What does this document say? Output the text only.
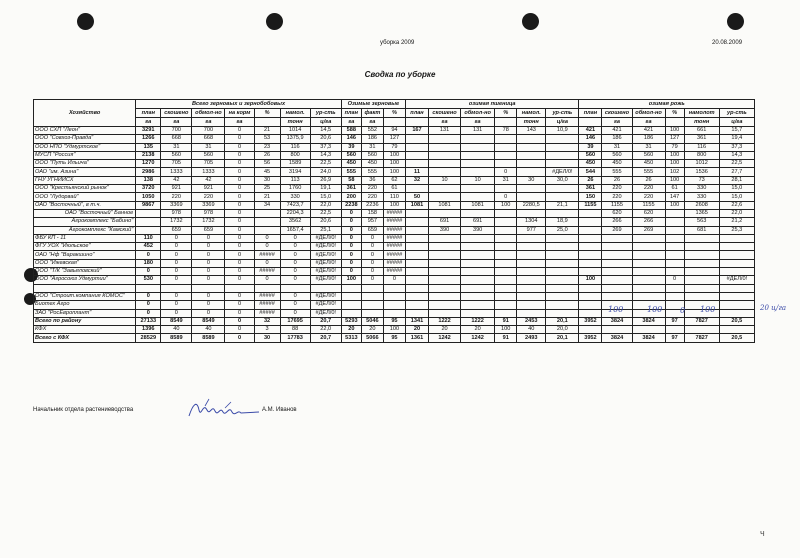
уборка 2009	20.08.2009
Сводка по уборке
Хозяйство	Всего зерновых и зернобобовых							Озимые зерновые			озимая пшеница						озимая рожь					
	план	скошено	обмол-но	на корм	%	намол.	ур-сть	план	факт	%	план	скошено	обмол-но	%	намол.	ур-сть	план	скошено	обмол-но	%	намолот	ур-сть
	га	га	га	га		тонн	ц/га	га	га			га	га		тонн	ц/га		га	га		тонн	ц/га
ООО СХП "Леон"	3291	700	700	0	21	1014	14,5	588	552	94	167	131	131	78	143	10,9	421	421	421	100	661	15,7
ООО "Совхоз-Правда"	1266	668	668	0	53	1375,9	20,6	146	186	127							146	186	186	127	361	19,4
ООО НПО "Удмуртское"	135	31	31	0	23	116	37,3	39	31	79							39	31	31	79	116	37,3
МУСП "Россия"	2138	560	560	0	26	800	14,3	560	560	100							560	560	560	100	800	14,3
ООО "Путь Ильича"	1270	705	705	0	56	1589	22,5	450	450	100							450	450	450	100	1012	22,5
ОАО "им. Азина"	2986	1333	1333	0	45	3194	24,0	555	555	100	11			0		#ДЕЛ/0!	544	555	555	102	1536	27,7
ГНУ УГНИИСХ	138	42	42	0	30	113	26,9	58	36	62	32	10	10	31	30	30,0	26	26	26	100	73	28,1
ООО "Крестьянский рынок"	3720	921	921	0	25	1760	19,1	361	220	61							361	220	220	61	330	15,0
ООО "Лудорвай"	1050	220	220	0	21	330	15,0	200	220	110	50			0			150	220	220	147	330	15,0
ОАО "Восточный", в т.ч.	9867	3369	3369	0	34	7423,7	22,0	2238	2236	100	1081	1081	1081	100	2280,5	21,1	1155	1155	1155	100	2608	22,6
ОАО "Восточный" Банное		978	978	0		2204,3	22,5	0	158	#####								620	620		1365	22,0
Агрокомплекс "Бабино"		1732	1732	0		3562	20,6	0	957	#####		691	691		1304	18,9		266	266		563	21,2
Агрокомплекс "Камский"		659	659	0		1657,4	25,1	0	659	#####		390	390		977	25,0		269	269		681	25,3
ФБУ КП - 11	110	0	0	0	0	0	#ДЕЛ/0!	0	0	#####												
ФГУ УОХ "Июльское"	452	0	0	0	0	0	#ДЕЛ/0!	0	0	#####												
ОАО "Нф "Варакшино"	0	0	0	0	#####	0	#ДЕЛ/0!	0	0	#####												
ООО "Ижевская"	180	0	0	0	0	0	#ДЕЛ/0!	0	0	#####												
ООО "Т/К "Завьяловский"	0	0	0	0	#####	0	#ДЕЛ/0!	0	0	#####												
ООО "Агросоюз Удмуртии"	530	0	0	0	0	0	#ДЕЛ/0!	100	0	0							100			0		#ДЕЛ/0!

ООО "Строит.компания КОМОС"	0	0	0	0	#####	0	#ДЕЛ/0!															
Биотех Агро	0	0	0	0	#####	0	#ДЕЛ/0!															
ЗАО "РосЕвроплант"	0	0	0	0	#####	0	#ДЕЛ/0!															
Всего по району	27133	8549	8549	0	32	17695	20,7	5293	5046	95	1341	1222	1222	91	2453	20,1	3952	3824	3824	97	7827	20,5
КФХ	1396	40	40	0	3	88	22,0	20	20	100	20	20	20	100	40	20,0						
Всего с КФХ	28529	8589	8589	0	30	17783	20,7	5313	5066	95	1361	1242	1242	91	2493	20,1	3952	3824	3824	97	7827	20,5
100	100 0 100	20 ц/га
Начальник отдела растениеводства	А.М. Иванов
ч
